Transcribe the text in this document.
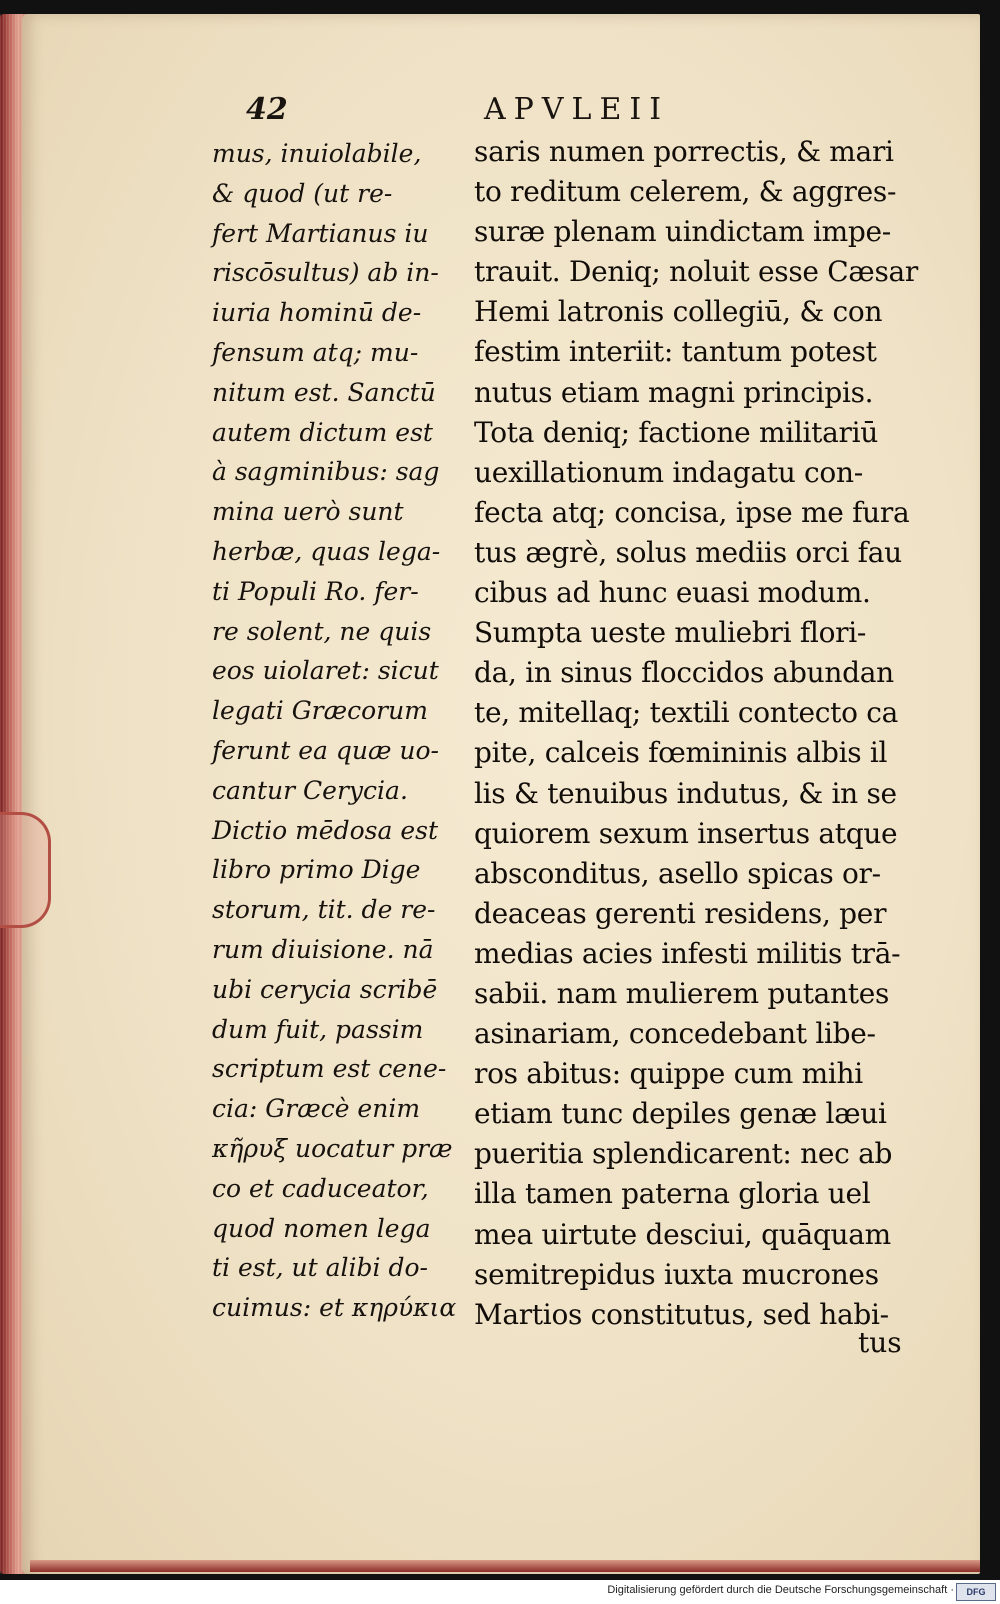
42	APVLEII
mus, inuiolabile,
& quod (ut re-
fert Martianus iu
riscōsultus) ab in-
iuria hominū de-
fensum atq; mu-
nitum est. Sanctū
autem dictum est
à sagminibus: sag
mina uerò sunt
herbæ, quas lega-
ti Populi Ro. fer-
re solent, ne quis
eos uiolaret: sicut
legati Græcorum
ferunt ea quæ uo-
cantur Cerycia.
Dictio mēdosa est
libro primo Dige
storum, tit. de re-
rum diuisione. nā
ubi cerycia scribē
dum fuit, passim
scriptum est cene-
cia: Græcè enim
κῆρυξ uocatur præ
co et caduceator,
quod nomen lega
ti est, ut alibi do-
cuimus: et κηρύκια
saris numen porrectis, & mari
to reditum celerem, & aggres-
suræ plenam uindictam impe-
trauit. Deniq; noluit esse Cæsar
Hemi latronis collegiū, & con
festim interiit: tantum potest
nutus etiam magni principis.
Tota deniq; factione militariū
uexillationum indagatu con-
fecta atq; concisa, ipse me fura
tus ægrè, solus mediis orci fau
cibus ad hunc euasi modum.
Sumpta ueste muliebri flori-
da, in sinus floccidos abundan
te, mitellaq; textili contecto ca
pite, calceis fœmininis albis il
lis & tenuibus indutus, & in se
quiorem sexum insertus atque
absconditus, asello spicas or-
deaceas gerenti residens, per
medias acies infesti militis trā-
sabii. nam mulierem putantes
asinariam, concedebant libe-
ros abitus: quippe cum mihi
etiam tunc depiles genæ læui
pueritia splendicarent: nec ab
illa tamen paterna gloria uel
mea uirtute desciui, quāquam
semitrepidus iuxta mucrones
Martios constitutus, sed habi-
tus
Digitalisierung gefördert durch die Deutsche Forschungsgemeinschaft ·	DFG
